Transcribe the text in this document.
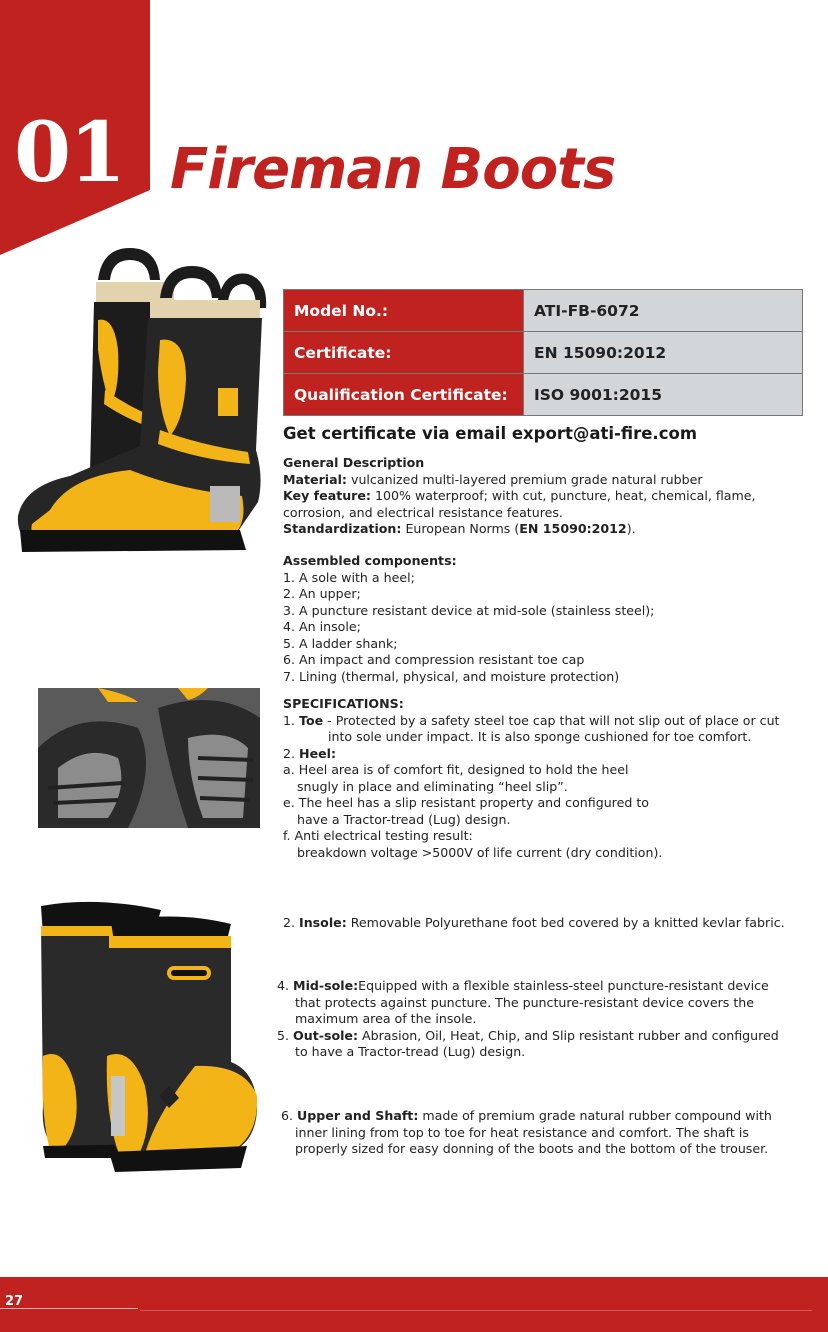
01 Fireman Boots
Model No.:	ATI-FB-6072
Certificate:	EN 15090:2012
Qualification Certificate:	ISO 9001:2015
Get certificate via email export@ati-fire.com

General Description

Material: vulcanized multi-layered premium grade natural rubber

Key feature: 100% waterproof; with cut, puncture, heat, chemical, flame, corrosion, and electrical resistance features.

Standardization: European Norms (EN 15090:2012).

Assembled components:

1. A sole with a heel;

2. An upper;

3. A puncture resistant device at mid-sole (stainless steel);

4. An insole;

5. A ladder shank;

6. An impact and compression resistant toe cap

7. Lining (thermal, physical, and moisture protection)

SPECIFICATIONS:

1. Toe - Protected by a safety steel toe cap that will not slip out of place or cut

into sole under impact. It is also sponge cushioned for toe comfort.

2. Heel:

a. Heel area is of comfort fit, designed to hold the heel

snugly in place and eliminating “heel slip”.

e. The heel has a slip resistant property and configured to

have a Tractor-tread (Lug) design.

f. Anti electrical testing result:

breakdown voltage >5000V of life current (dry condition).

2. Insole: Removable Polyurethane foot bed covered by a knitted kevlar fabric.

4. Mid-sole:Equipped with a flexible stainless-steel puncture-resistant device

that protects against puncture. The puncture-resistant device covers the

maximum area of the insole.

5. Out-sole: Abrasion, Oil, Heat, Chip, and Slip resistant rubber and configured

to have a Tractor-tread (Lug) design.

6. Upper and Shaft: made of premium grade natural rubber compound with

inner lining from top to toe for heat resistance and comfort. The shaft is

properly sized for easy donning of the boots and the bottom of the trouser.

27
